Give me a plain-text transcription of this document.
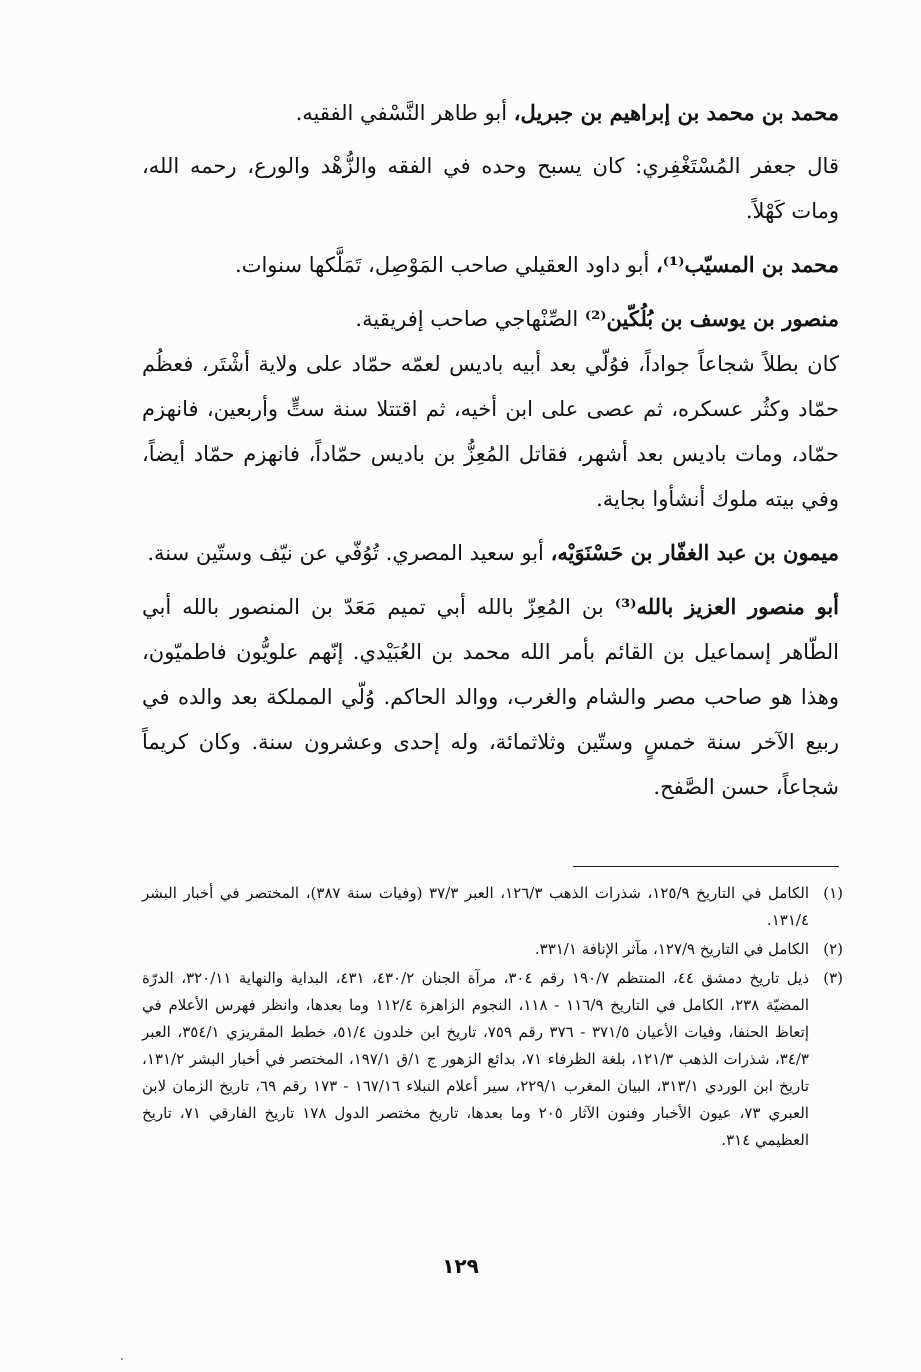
محمد بن محمد بن إبراهيم بن جبريل، أبو طاهر النَّسْفي الفقيه.

قال جعفر المُسْتَغْفِري: كان يسبح وحده في الفقه والزُّهْد والورع، رحمه الله، ومات كَهْلاً.

محمد بن المسيّب⁽¹⁾، أبو داود العقيلي صاحب المَوْصِل، تَمَلَّكها سنوات.

منصور بن يوسف بن بُلُكّين⁽²⁾ الصِّنْهاجي صاحب إفريقية.

كان بطلاً شجاعاً جواداً، فوُلّي بعد أبيه باديس لعمّه حمّاد على ولاية أشْتَر، فعظُم حمّاد وكثُر عسكره، ثم عصى على ابن أخيه، ثم اقتتلا سنة ستٍّ وأربعين، فانهزم حمّاد، ومات باديس بعد أشهر، فقاتل المُعِزُّ بن باديس حمّاداً، فانهزم حمّاد أيضاً، وفي بيته ملوك أنشأوا بجاية.

ميمون بن عبد الغفّار بن حَسْنَوَيْه، أبو سعيد المصري. تُوُفّي عن نيّف وستّين سنة.

أبو منصور العزيز بالله⁽³⁾ بن المُعِزّ بالله أبي تميم مَعَدّ بن المنصور بالله أبي الطّاهر إسماعيل بن القائم بأمر الله محمد بن العُبَيْدي. إنّهم علويُّون فاطميّون، وهذا هو صاحب مصر والشام والغرب، ووالد الحاكم. وُلّي المملكة بعد والده في ربيع الآخر سنة خمسٍ وستّين وثلاثمائة، وله إحدى وعشرون سنة. وكان كريماً شجاعاً، حسن الصَّفح.

(١)
الكامل في التاريخ ١٢٥/٩، شذرات الذهب ١٢٦/٣، العبر ٣٧/٣ (وفيات سنة ٣٨٧)، المختصر في أخبار البشر ١٣١/٤.
(٢)
الكامل في التاريخ ١٢٧/٩، مآثر الإنافة ٣٣١/١.
(٣)
ذيل تاريخ دمشق ٤٤، المنتظم ١٩٠/٧ رقم ٣٠٤، مرآة الجنان ٤٣٠/٢، ٤٣١، البداية والنهاية ٣٢٠/١١، الدرّة المضيّة ٢٣٨، الكامل في التاريخ ١١٦/٩ - ١١٨، النجوم الزاهرة ١١٢/٤ وما بعدها، وانظر فهرس الأعلام في إتعاظ الحنفا، وفيات الأعيان ٣٧١/٥ - ٣٧٦ رقم ٧٥٩، تاريخ ابن خلدون ٥١/٤، خطط المقريزي ٣٥٤/١، العبر ٣٤/٣، شذرات الذهب ١٢١/٣، بلغة الظرفاء ٧١، بدائع الزهور ج ١/ق ١٩٧/١، المختصر في أخبار البشر ١٣١/٢، تاريخ ابن الوردي ٣١٣/١، البيان المغرب ٢٢٩/١، سير أعلام النبلاء ١٦٧/١٦ - ١٧٣ رقم ٦٩، تاريخ الزمان لابن العبري ٧٣، عيون الأخبار وفنون الآثار ٢٠٥ وما بعدها، تاريخ مختصر الدول ١٧٨ تاريخ الفارقي ٧١، تاريخ العظيمي ٣١٤.
١٢٩
